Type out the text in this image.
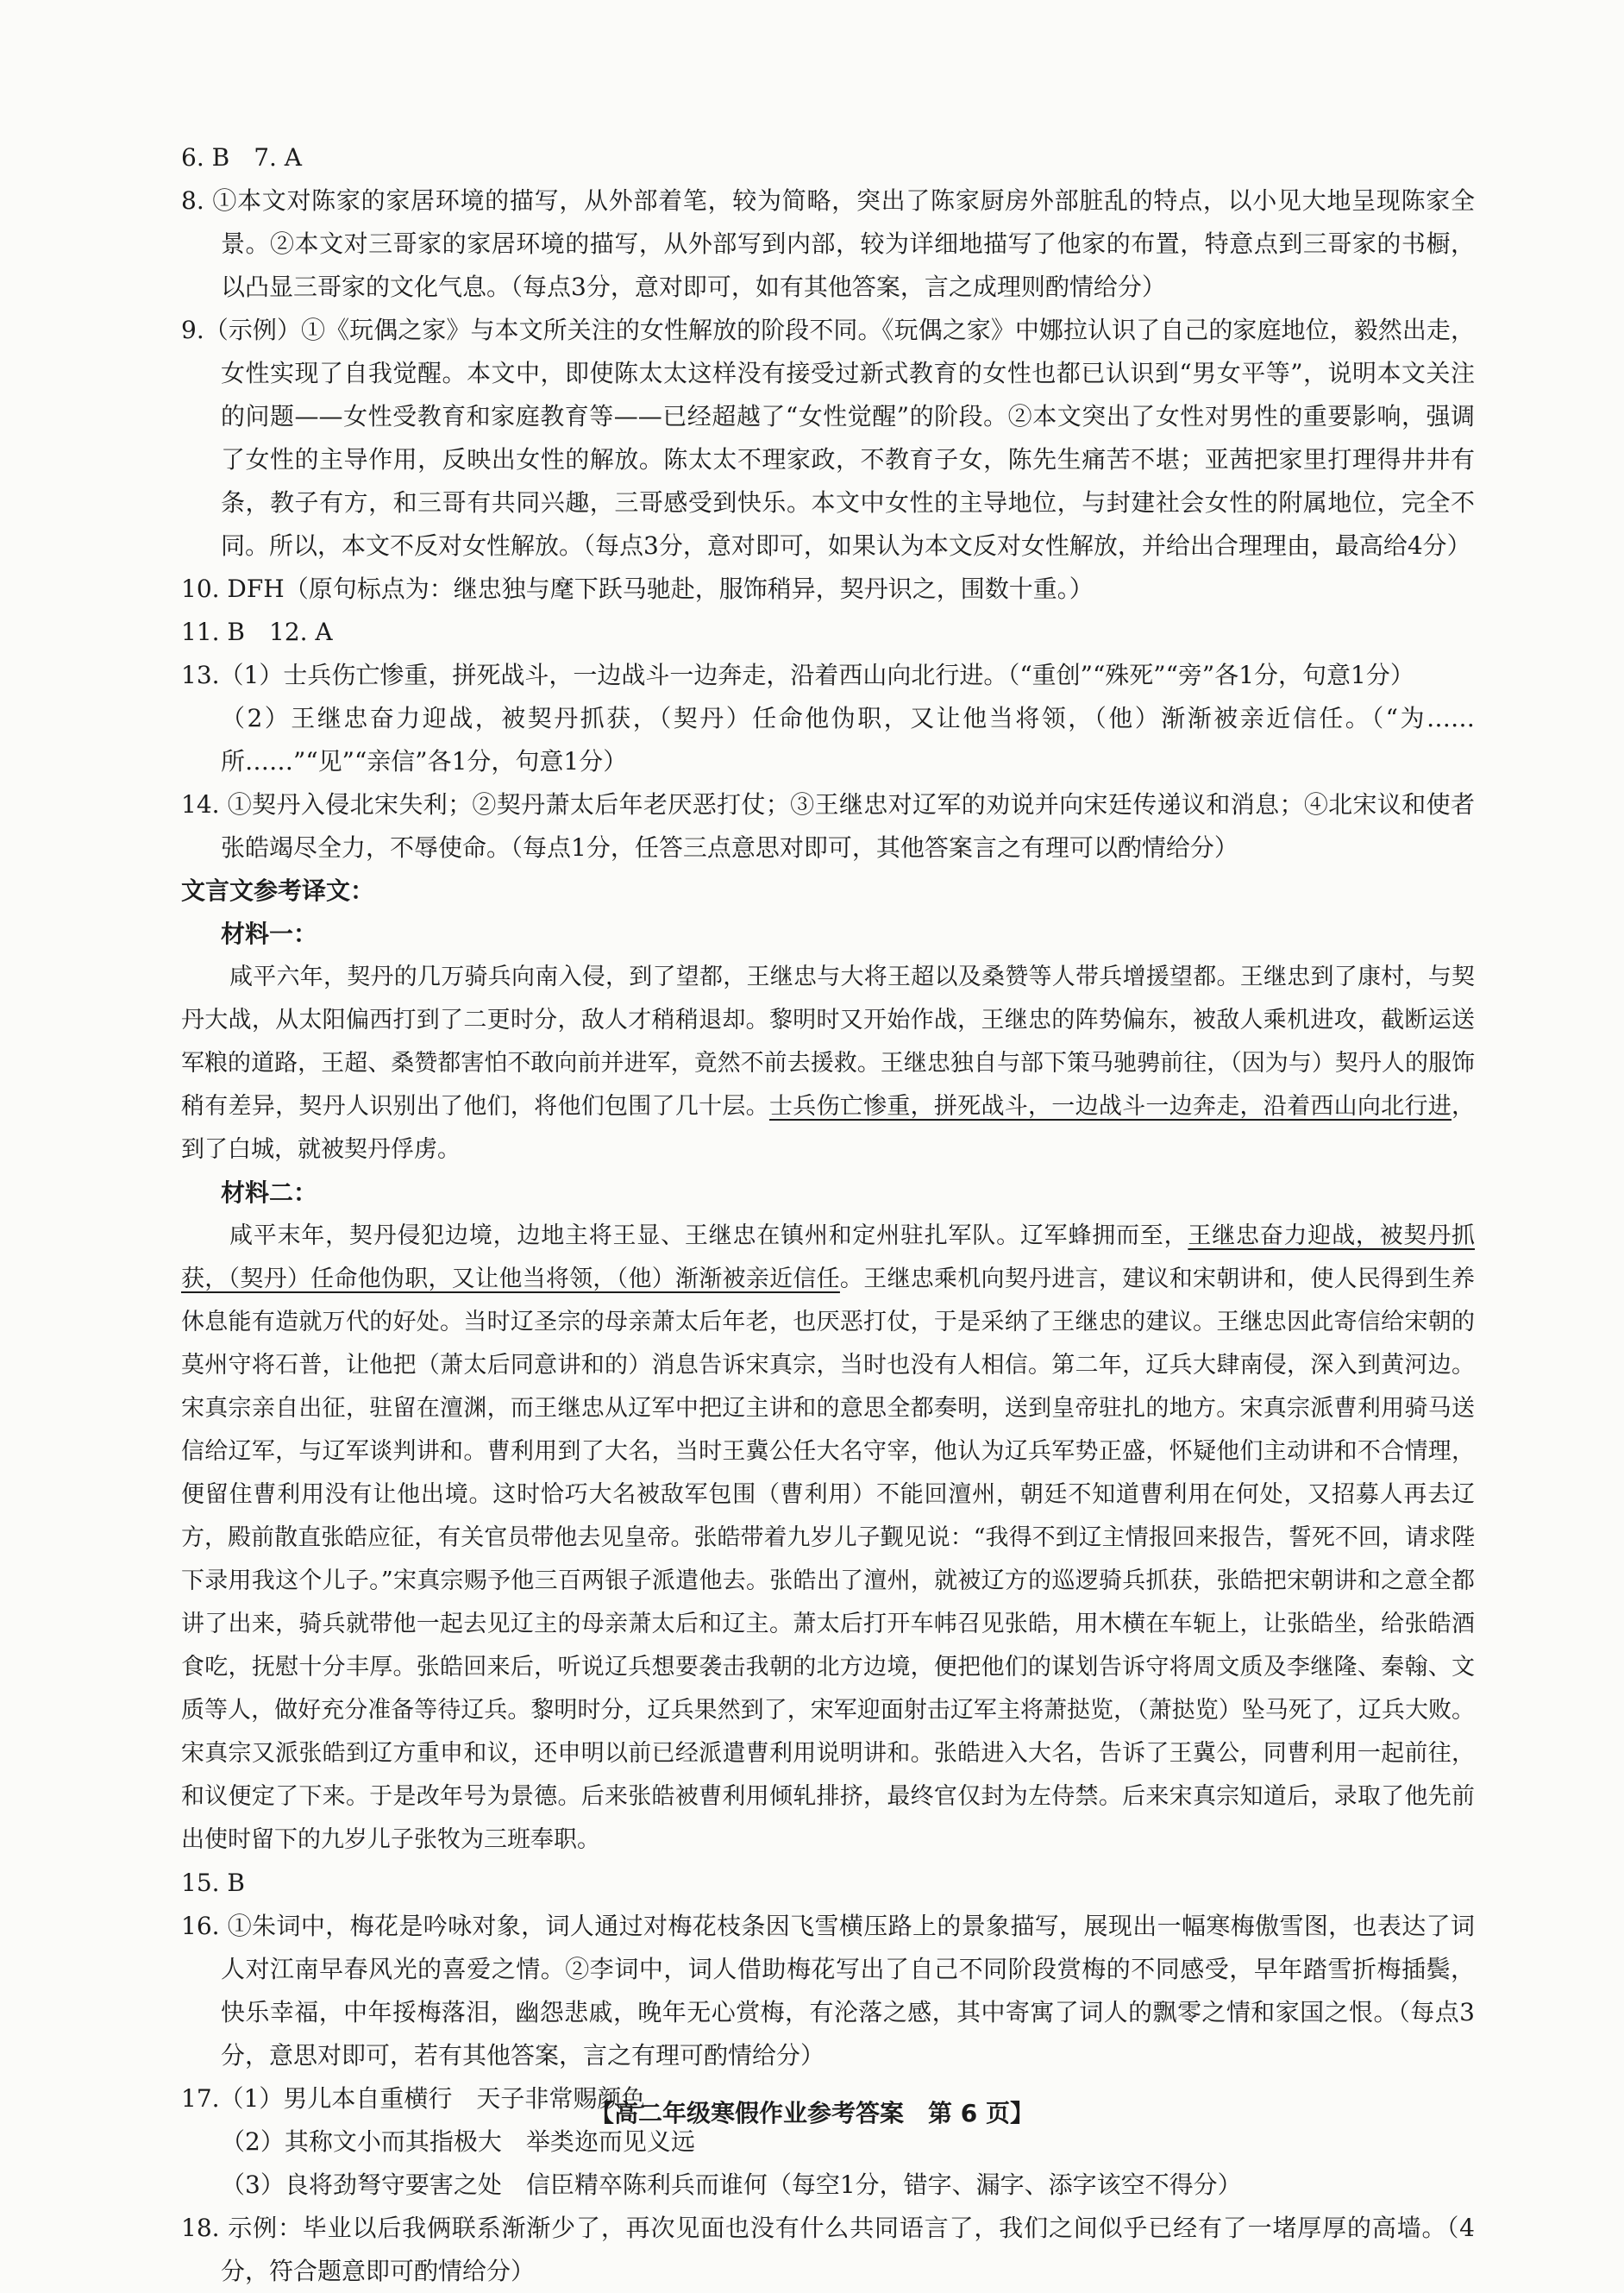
6. B　7. A

8. ①本文对陈家的家居环境的描写，从外部着笔，较为简略，突出了陈家厨房外部脏乱的特点，以小见大地呈现陈家全景。②本文对三哥家的家居环境的描写，从外部写到内部，较为详细地描写了他家的布置，特意点到三哥家的书橱，以凸显三哥家的文化气息。（每点3分，意对即可，如有其他答案，言之成理则酌情给分）

9.（示例）①《玩偶之家》与本文所关注的女性解放的阶段不同。《玩偶之家》中娜拉认识了自己的家庭地位，毅然出走，女性实现了自我觉醒。本文中，即使陈太太这样没有接受过新式教育的女性也都已认识到“男女平等”，说明本文关注的问题——女性受教育和家庭教育等——已经超越了“女性觉醒”的阶段。②本文突出了女性对男性的重要影响，强调了女性的主导作用，反映出女性的解放。陈太太不理家政，不教育子女，陈先生痛苦不堪；亚茜把家里打理得井井有条，教子有方，和三哥有共同兴趣，三哥感受到快乐。本文中女性的主导地位，与封建社会女性的附属地位，完全不同。所以，本文不反对女性解放。（每点3分，意对即可，如果认为本文反对女性解放，并给出合理理由，最高给4分）

10. DFH（原句标点为：继忠独与麾下跃马驰赴，服饰稍异，契丹识之，围数十重。）

11. B　12. A

13.（1）士兵伤亡惨重，拼死战斗，一边战斗一边奔走，沿着西山向北行进。（“重创”“殊死”“旁”各1分，句意1分）

（2）王继忠奋力迎战，被契丹抓获，（契丹）任命他伪职，又让他当将领，（他）渐渐被亲近信任。（“为……所……”“见”“亲信”各1分，句意1分）

14. ①契丹入侵北宋失利；②契丹萧太后年老厌恶打仗；③王继忠对辽军的劝说并向宋廷传递议和消息；④北宋议和使者张皓竭尽全力，不辱使命。（每点1分，任答三点意思对即可，其他答案言之有理可以酌情给分）

文言文参考译文：

材料一：

咸平六年，契丹的几万骑兵向南入侵，到了望都，王继忠与大将王超以及桑赞等人带兵增援望都。王继忠到了康村，与契丹大战，从太阳偏西打到了二更时分，敌人才稍稍退却。黎明时又开始作战，王继忠的阵势偏东，被敌人乘机进攻，截断运送军粮的道路，王超、桑赞都害怕不敢向前并进军，竟然不前去援救。王继忠独自与部下策马驰骋前往，（因为与）契丹人的服饰稍有差异，契丹人识别出了他们，将他们包围了几十层。士兵伤亡惨重，拼死战斗，一边战斗一边奔走，沿着西山向北行进，到了白城，就被契丹俘虏。

材料二：

咸平末年，契丹侵犯边境，边地主将王显、王继忠在镇州和定州驻扎军队。辽军蜂拥而至，王继忠奋力迎战，被契丹抓获，（契丹）任命他伪职，又让他当将领，（他）渐渐被亲近信任。王继忠乘机向契丹进言，建议和宋朝讲和，使人民得到生养休息能有造就万代的好处。当时辽圣宗的母亲萧太后年老，也厌恶打仗，于是采纳了王继忠的建议。王继忠因此寄信给宋朝的莫州守将石普，让他把（萧太后同意讲和的）消息告诉宋真宗，当时也没有人相信。第二年，辽兵大肆南侵，深入到黄河边。宋真宗亲自出征，驻留在澶渊，而王继忠从辽军中把辽主讲和的意思全都奏明，送到皇帝驻扎的地方。宋真宗派曹利用骑马送信给辽军，与辽军谈判讲和。曹利用到了大名，当时王冀公任大名守宰，他认为辽兵军势正盛，怀疑他们主动讲和不合情理，便留住曹利用没有让他出境。这时恰巧大名被敌军包围（曹利用）不能回澶州，朝廷不知道曹利用在何处，又招募人再去辽方，殿前散直张皓应征，有关官员带他去见皇帝。张皓带着九岁儿子觐见说：“我得不到辽主情报回来报告，誓死不回，请求陛下录用我这个儿子。”宋真宗赐予他三百两银子派遣他去。张皓出了澶州，就被辽方的巡逻骑兵抓获，张皓把宋朝讲和之意全都讲了出来，骑兵就带他一起去见辽主的母亲萧太后和辽主。萧太后打开车帏召见张皓，用木横在车轭上，让张皓坐，给张皓酒食吃，抚慰十分丰厚。张皓回来后，听说辽兵想要袭击我朝的北方边境，便把他们的谋划告诉守将周文质及李继隆、秦翰、文质等人，做好充分准备等待辽兵。黎明时分，辽兵果然到了，宋军迎面射击辽军主将萧挞览，（萧挞览）坠马死了，辽兵大败。宋真宗又派张皓到辽方重申和议，还申明以前已经派遣曹利用说明讲和。张皓进入大名，告诉了王冀公，同曹利用一起前往，和议便定了下来。于是改年号为景德。后来张皓被曹利用倾轧排挤，最终官仅封为左侍禁。后来宋真宗知道后，录取了他先前出使时留下的九岁儿子张牧为三班奉职。

15. B

16. ①朱词中，梅花是吟咏对象，词人通过对梅花枝条因飞雪横压路上的景象描写，展现出一幅寒梅傲雪图，也表达了词人对江南早春风光的喜爱之情。②李词中，词人借助梅花写出了自己不同阶段赏梅的不同感受，早年踏雪折梅插鬓，快乐幸福，中年挼梅落泪，幽怨悲戚，晚年无心赏梅，有沦落之感，其中寄寓了词人的飘零之情和家国之恨。（每点3分，意思对即可，若有其他答案，言之有理可酌情给分）

17.（1）男儿本自重横行　天子非常赐颜色

（2）其称文小而其指极大　举类迩而见义远

（3）良将劲弩守要害之处　信臣精卒陈利兵而谁何（每空1分，错字、漏字、添字该空不得分）

18. 示例：毕业以后我俩联系渐渐少了，再次见面也没有什么共同语言了，我们之间似乎已经有了一堵厚厚的高墙。（4分，符合题意即可酌情给分）

【高二年级寒假作业参考答案　第 6 页】
